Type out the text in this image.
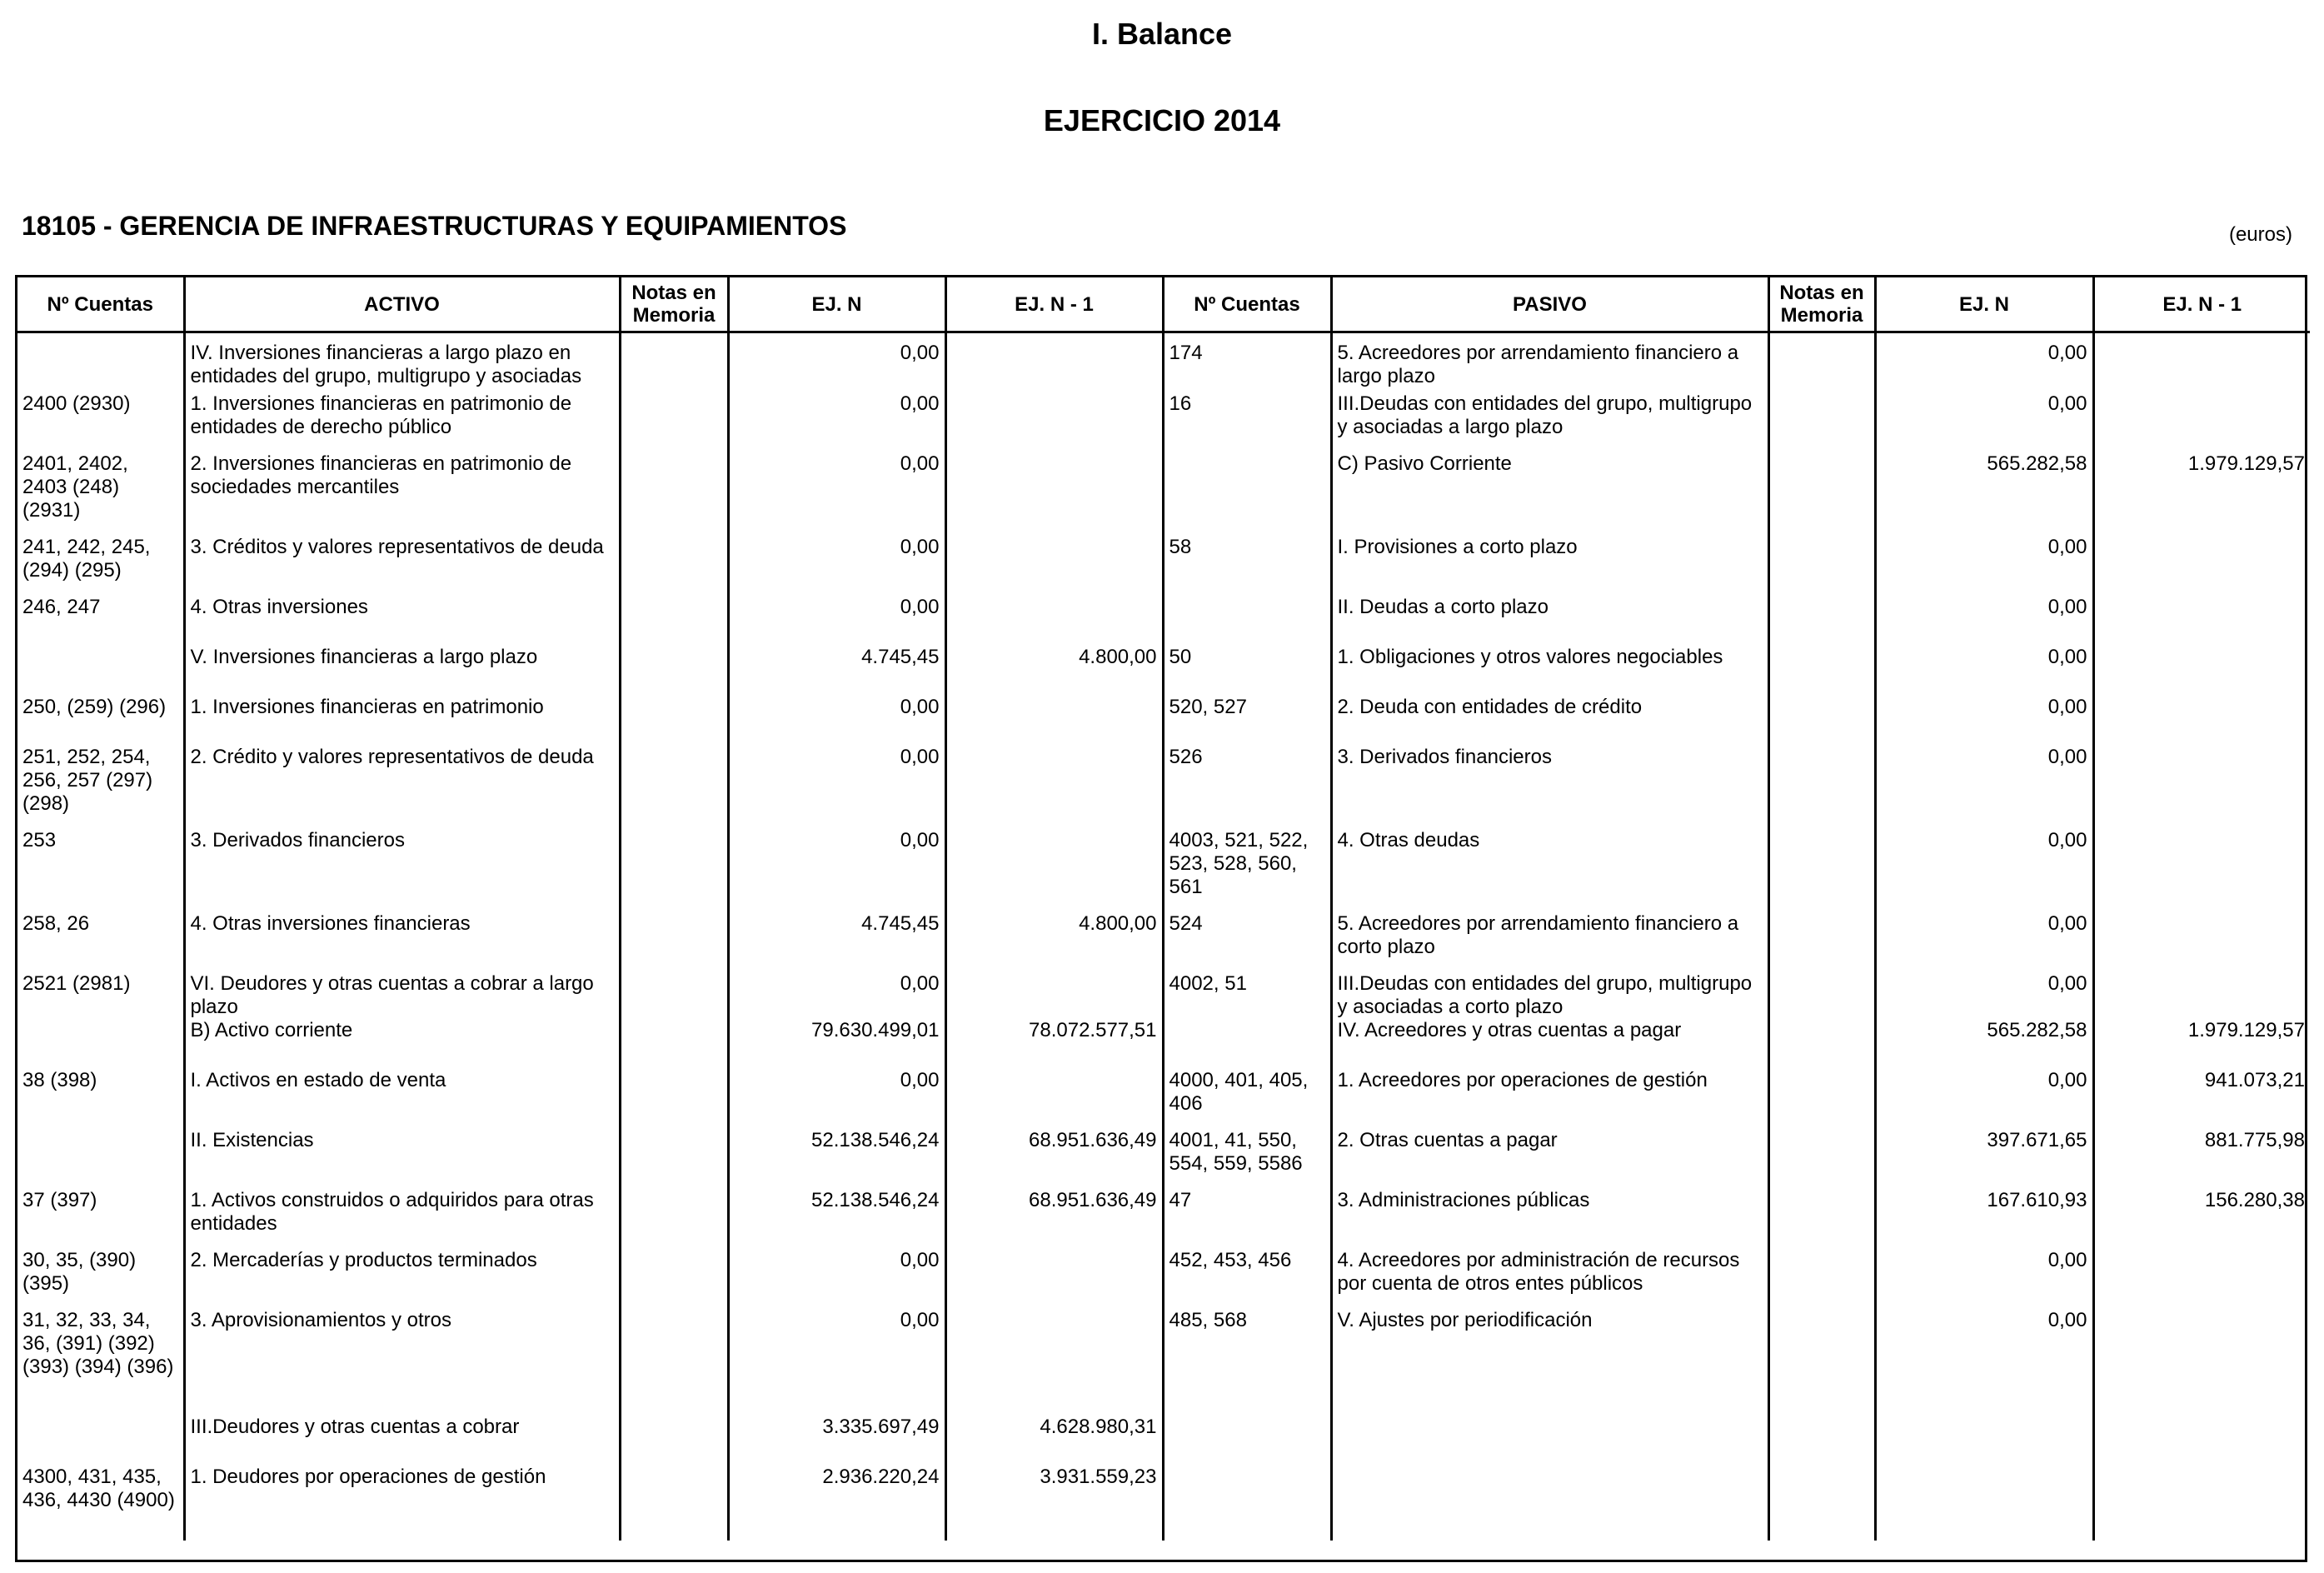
I. Balance
EJERCICIO 2014
18105 - GERENCIA DE INFRAESTRUCTURAS Y EQUIPAMIENTOS	(euros)
Nº Cuentas	ACTIVO	Notas en Memoria	EJ. N	EJ. N - 1	Nº Cuentas	PASIVO	Notas en Memoria	EJ. N	EJ. N - 1
	IV. Inversiones financieras a largo plazo en entidades del grupo, multigrupo y asociadas		0,00		174	5. Acreedores por arrendamiento financiero a largo plazo		0,00	
2400 (2930)	1. Inversiones financieras en patrimonio de entidades de derecho público		0,00		16	III.Deudas con entidades del grupo, multigrupo y asociadas a largo plazo		0,00	
2401, 2402, 2403 (248) (2931)	2. Inversiones financieras en patrimonio de sociedades mercantiles		0,00			C) Pasivo Corriente		565.282,58	1.979.129,57
241, 242, 245, (294) (295)	3. Créditos y valores representativos de deuda		0,00		58	I. Provisiones a corto plazo		0,00	
246, 247	4. Otras inversiones		0,00			II. Deudas a corto plazo		0,00	
	V. Inversiones financieras a largo plazo		4.745,45	4.800,00	50	1. Obligaciones y otros valores negociables		0,00	
250, (259) (296)	1. Inversiones financieras en patrimonio		0,00		520, 527	2. Deuda con entidades de crédito		0,00	
251, 252, 254, 256, 257 (297) (298)	2. Crédito y valores representativos de deuda		0,00		526	3. Derivados financieros		0,00	
253	3. Derivados financieros		0,00		4003, 521, 522, 523, 528, 560, 561	4. Otras deudas		0,00	
258, 26	4. Otras inversiones financieras		4.745,45	4.800,00	524	5. Acreedores por arrendamiento financiero a corto plazo		0,00	
2521 (2981)	VI. Deudores y otras cuentas a cobrar a largo plazo		0,00		4002, 51	III.Deudas con entidades del grupo, multigrupo y asociadas a corto plazo		0,00	
	B) Activo corriente		79.630.499,01	78.072.577,51		IV. Acreedores y otras cuentas a pagar		565.282,58	1.979.129,57
38 (398)	I. Activos en estado de venta		0,00		4000, 401, 405, 406	1. Acreedores por operaciones de gestión		0,00	941.073,21
	II. Existencias		52.138.546,24	68.951.636,49	4001, 41, 550, 554, 559, 5586	2. Otras cuentas a pagar		397.671,65	881.775,98
37 (397)	1. Activos construidos o adquiridos para otras entidades		52.138.546,24	68.951.636,49	47	3. Administraciones públicas		167.610,93	156.280,38
30, 35, (390) (395)	2. Mercaderías y productos terminados		0,00		452, 453, 456	4. Acreedores por administración de recursos por cuenta de otros entes públicos		0,00	
31, 32, 33, 34, 36, (391) (392) (393) (394) (396)	3. Aprovisionamientos y otros		0,00		485, 568	V. Ajustes por periodificación		0,00	
	III.Deudores y otras cuentas a cobrar		3.335.697,49	4.628.980,31					
4300, 431, 435, 436, 4430 (4900)	1. Deudores por operaciones de gestión		2.936.220,24	3.931.559,23					
